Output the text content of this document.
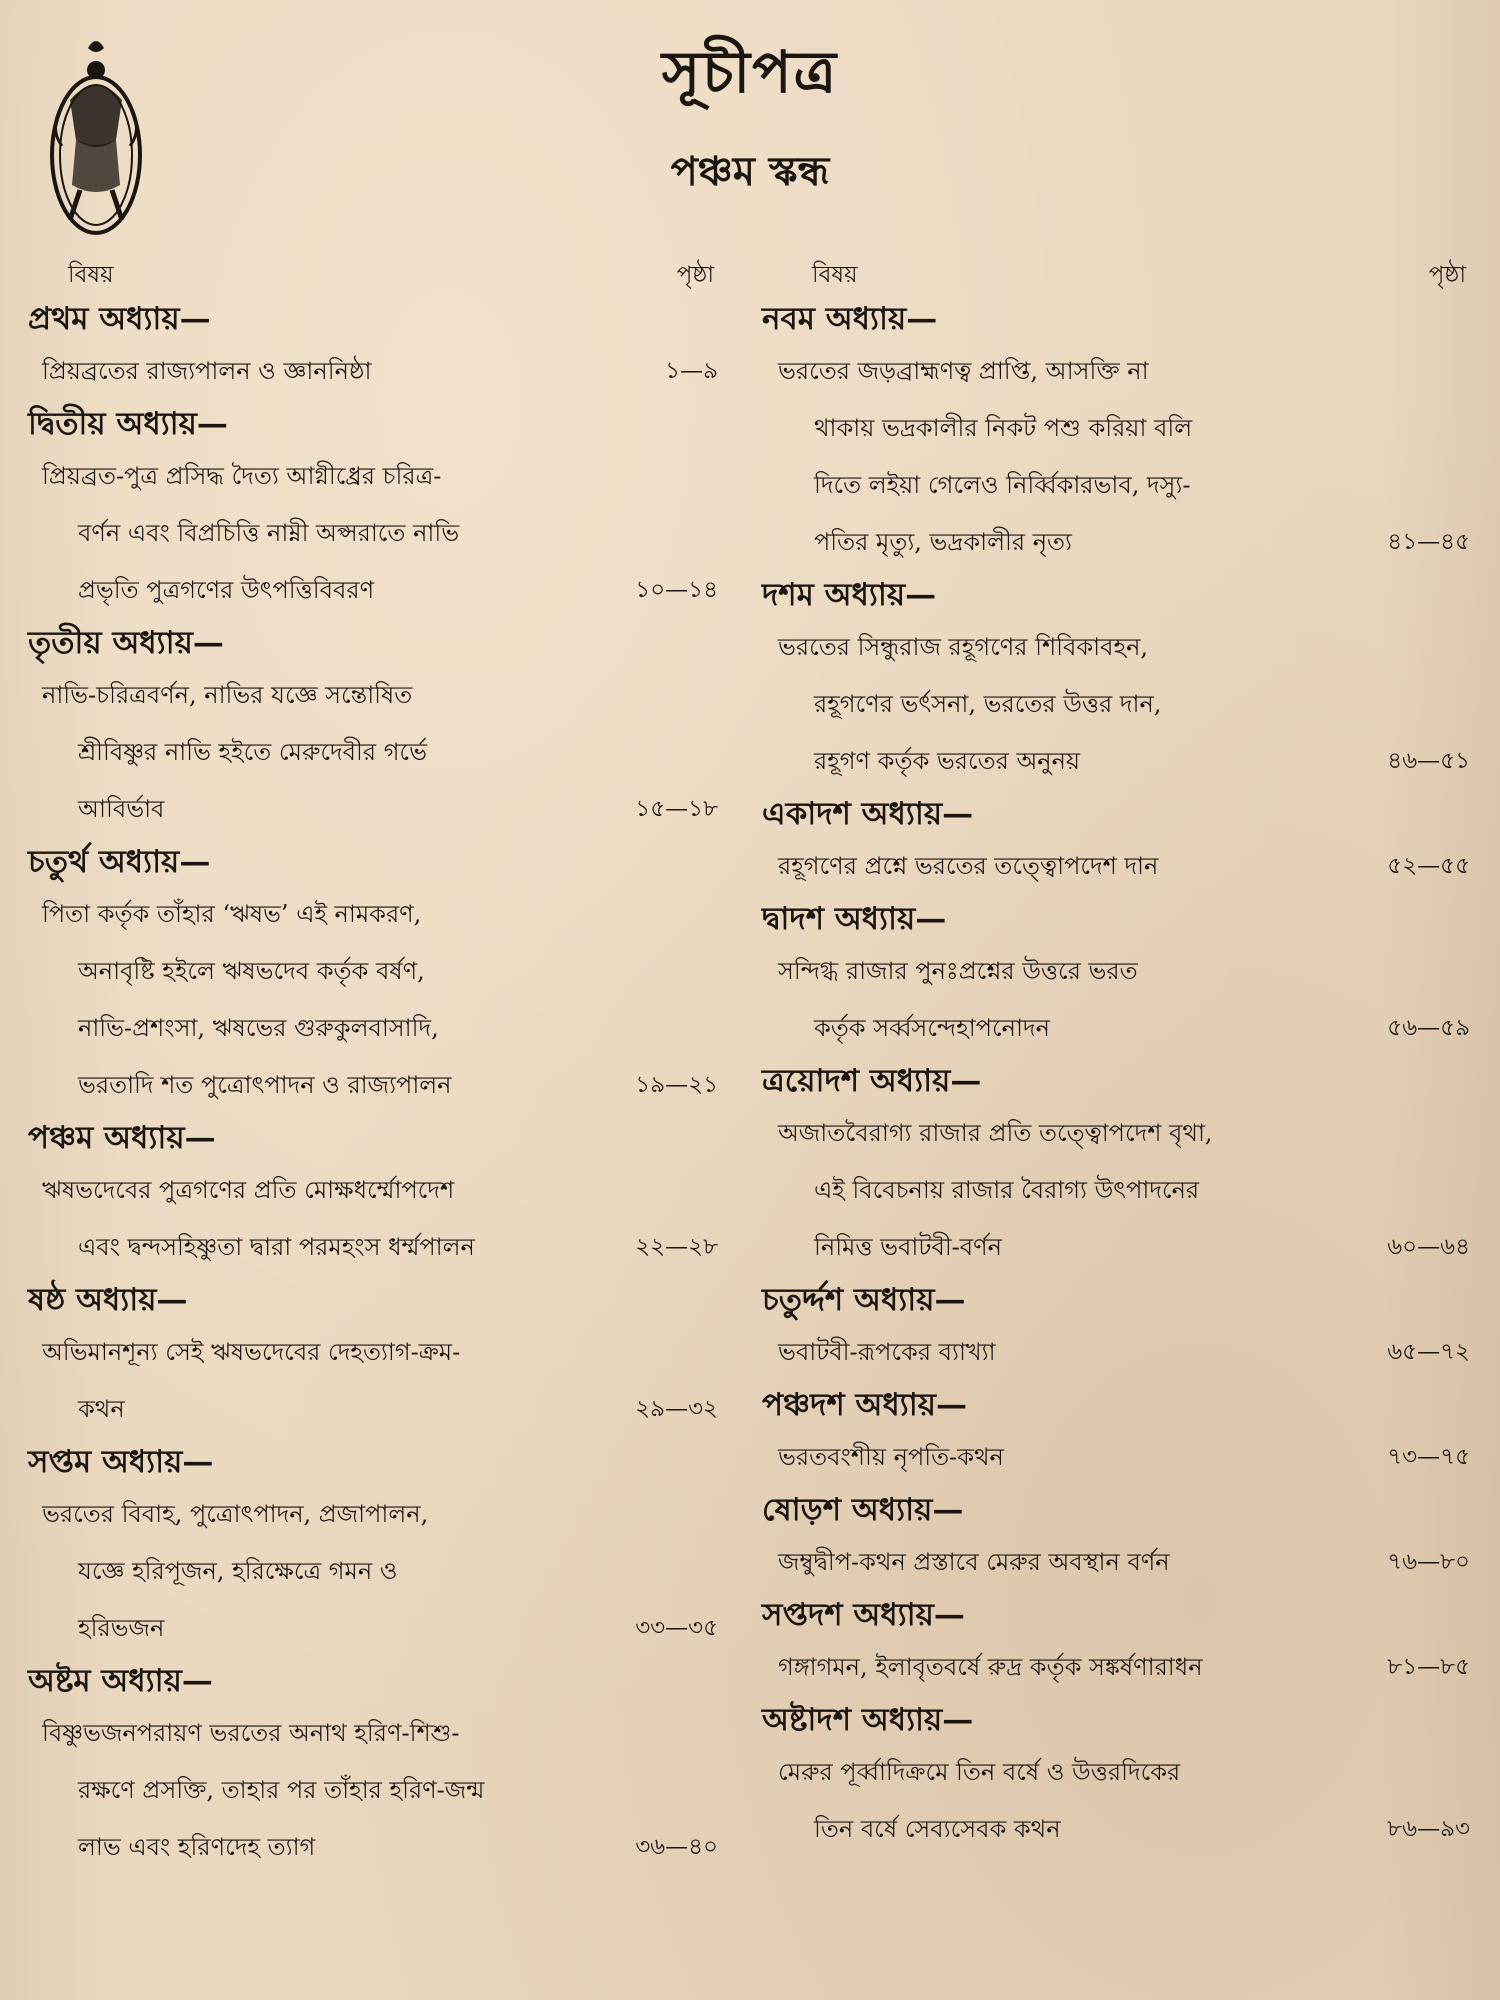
সূচীপত্র
পঞ্চম স্কন্ধ
বিষয়	পৃষ্ঠা
প্রথম অধ্যায়—
প্রিয়ব্রতের রাজ্যপালন ও জ্ঞাননিষ্ঠা	১—৯
দ্বিতীয় অধ্যায়—
প্রিয়ব্রত-পুত্র প্রসিদ্ধ দৈত্য আগ্নীধ্রের চরিত্র-
বর্ণন এবং বিপ্রচিত্তি নাম্নী অপ্সরাতে নাভি
প্রভৃতি পুত্রগণের উৎপত্তিবিবরণ	১০—১৪
তৃতীয় অধ্যায়—
নাভি-চরিত্রবর্ণন, নাভির যজ্ঞে সন্তোষিত
শ্রীবিষ্ণুর নাভি হইতে মেরুদেবীর গর্ভে
আবির্ভাব	১৫—১৮
চতুর্থ অধ্যায়—
পিতা কর্তৃক তাঁহার ‘ঋষভ’ এই নামকরণ,
অনাবৃষ্টি হইলে ঋষভদেব কর্তৃক বর্ষণ,
নাভি-প্রশংসা, ঋষভের গুরুকুলবাসাদি,
ভরতাদি শত পুত্রোৎপাদন ও রাজ্যপালন	১৯—২১
পঞ্চম অধ্যায়—
ঋষভদেবের পুত্রগণের প্রতি মোক্ষধর্ম্মোপদেশ
এবং দ্বন্দসহিষ্ণুতা দ্বারা পরমহংস ধর্ম্মপালন	২২—২৮
ষষ্ঠ অধ্যায়—
অভিমানশূন্য সেই ঋষভদেবের দেহত্যাগ-ক্রম-
কথন	২৯—৩২
সপ্তম অধ্যায়—
ভরতের বিবাহ, পুত্রোৎপাদন, প্রজাপালন,
যজ্ঞে হরিপূজন, হরিক্ষেত্রে গমন ও
হরিভজন	৩৩—৩৫
অষ্টম অধ্যায়—
বিষ্ণুভজনপরায়ণ ভরতের অনাথ হরিণ-শিশু-
রক্ষণে প্রসক্তি, তাহার পর তাঁহার হরিণ-জন্ম
লাভ এবং হরিণদেহ ত্যাগ	৩৬—৪০
বিষয়	পৃষ্ঠা
নবম অধ্যায়—
ভরতের জড়ব্রাহ্মণত্ব প্রাপ্তি, আসক্তি না
থাকায় ভদ্রকালীর নিকট পশু করিয়া বলি
দিতে লইয়া গেলেও নির্ব্বিকারভাব, দস্যু-
পতির মৃত্যু, ভদ্রকালীর নৃত্য	৪১—৪৫
দশম অধ্যায়—
ভরতের সিন্ধুরাজ রহূগণের শিবিকাবহন,
রহূগণের ভর্ৎসনা, ভরতের উত্তর দান,
রহূগণ কর্তৃক ভরতের অনুনয়	৪৬—৫১
একাদশ অধ্যায়—
রহূগণের প্রশ্নে ভরতের তত্ত্বোপদেশ দান	৫২—৫৫
দ্বাদশ অধ্যায়—
সন্দিগ্ধ রাজার পুনঃপ্রশ্নের উত্তরে ভরত
কর্তৃক সর্ব্বসন্দেহাপনোদন	৫৬—৫৯
ত্রয়োদশ অধ্যায়—
অজাতবৈরাগ্য রাজার প্রতি তত্ত্বোপদেশ বৃথা,
এই বিবেচনায় রাজার বৈরাগ্য উৎপাদনের
নিমিত্ত ভবাটবী-বর্ণন	৬০—৬৪
চতুর্দ্দশ অধ্যায়—
ভবাটবী-রূপকের ব্যাখ্যা	৬৫—৭২
পঞ্চদশ অধ্যায়—
ভরতবংশীয় নৃপতি-কথন	৭৩—৭৫
ষোড়শ অধ্যায়—
জম্বুদ্বীপ-কথন প্রস্তাবে মেরুর অবস্থান বর্ণন	৭৬—৮০
সপ্তদশ অধ্যায়—
গঙ্গাগমন, ইলাবৃতবর্ষে রুদ্র কর্তৃক সঙ্কর্ষণারাধন	৮১—৮৫
অষ্টাদশ অধ্যায়—
মেরুর পূর্ব্বাদিক্রমে তিন বর্ষে ও উত্তরদিকের
তিন বর্ষে সেব্যসেবক কথন	৮৬—৯৩
